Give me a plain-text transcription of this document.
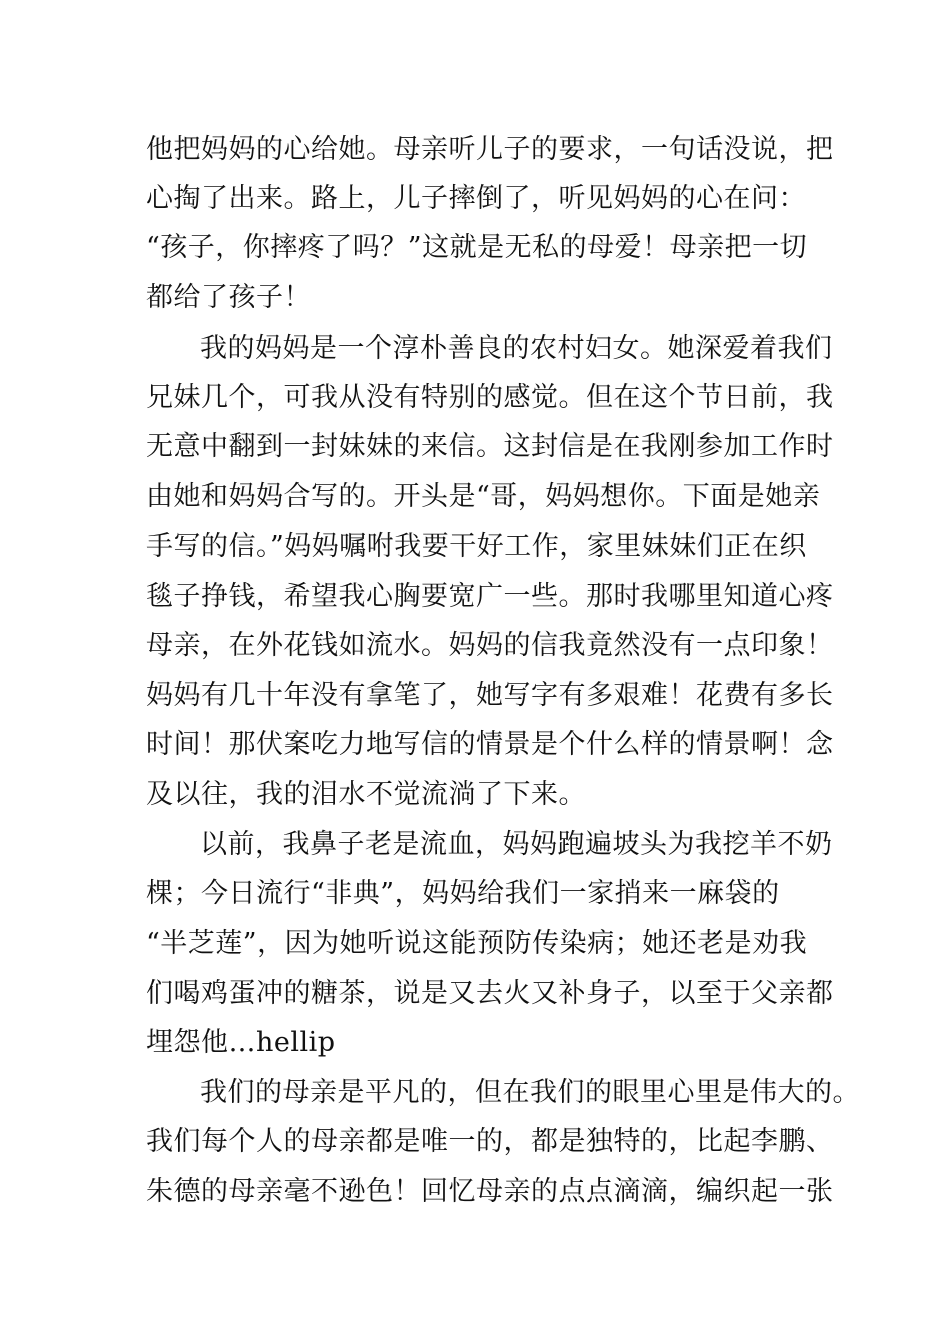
他把妈妈的心给她。母亲听儿子的要求，一句话没说，把
心掏了出来。路上，儿子摔倒了，听见妈妈的心在问：
“孩子，你摔疼了吗？”这就是无私的母爱！母亲把一切
都给了孩子！
我的妈妈是一个淳朴善良的农村妇女。她深爱着我们
兄妹几个，可我从没有特别的感觉。但在这个节日前，我
无意中翻到一封妹妹的来信。这封信是在我刚参加工作时
由她和妈妈合写的。开头是“哥，妈妈想你。下面是她亲
手写的信。”妈妈嘱咐我要干好工作，家里妹妹们正在织
毯子挣钱，希望我心胸要宽广一些。那时我哪里知道心疼
母亲，在外花钱如流水。妈妈的信我竟然没有一点印象！
妈妈有几十年没有拿笔了，她写字有多艰难！花费有多长
时间！那伏案吃力地写信的情景是个什么样的情景啊！念
及以往，我的泪水不觉流淌了下来。
以前，我鼻子老是流血，妈妈跑遍坡头为我挖羊不奶
棵；今日流行“非典”，妈妈给我们一家捎来一麻袋的
“半芝莲”，因为她听说这能预防传染病；她还老是劝我
们喝鸡蛋冲的糖茶，说是又去火又补身子，以至于父亲都
埋怨他…hellip
我们的母亲是平凡的，但在我们的眼里心里是伟大的。
我们每个人的母亲都是唯一的，都是独特的，比起李鹏、
朱德的母亲毫不逊色！回忆母亲的点点滴滴，编织起一张
